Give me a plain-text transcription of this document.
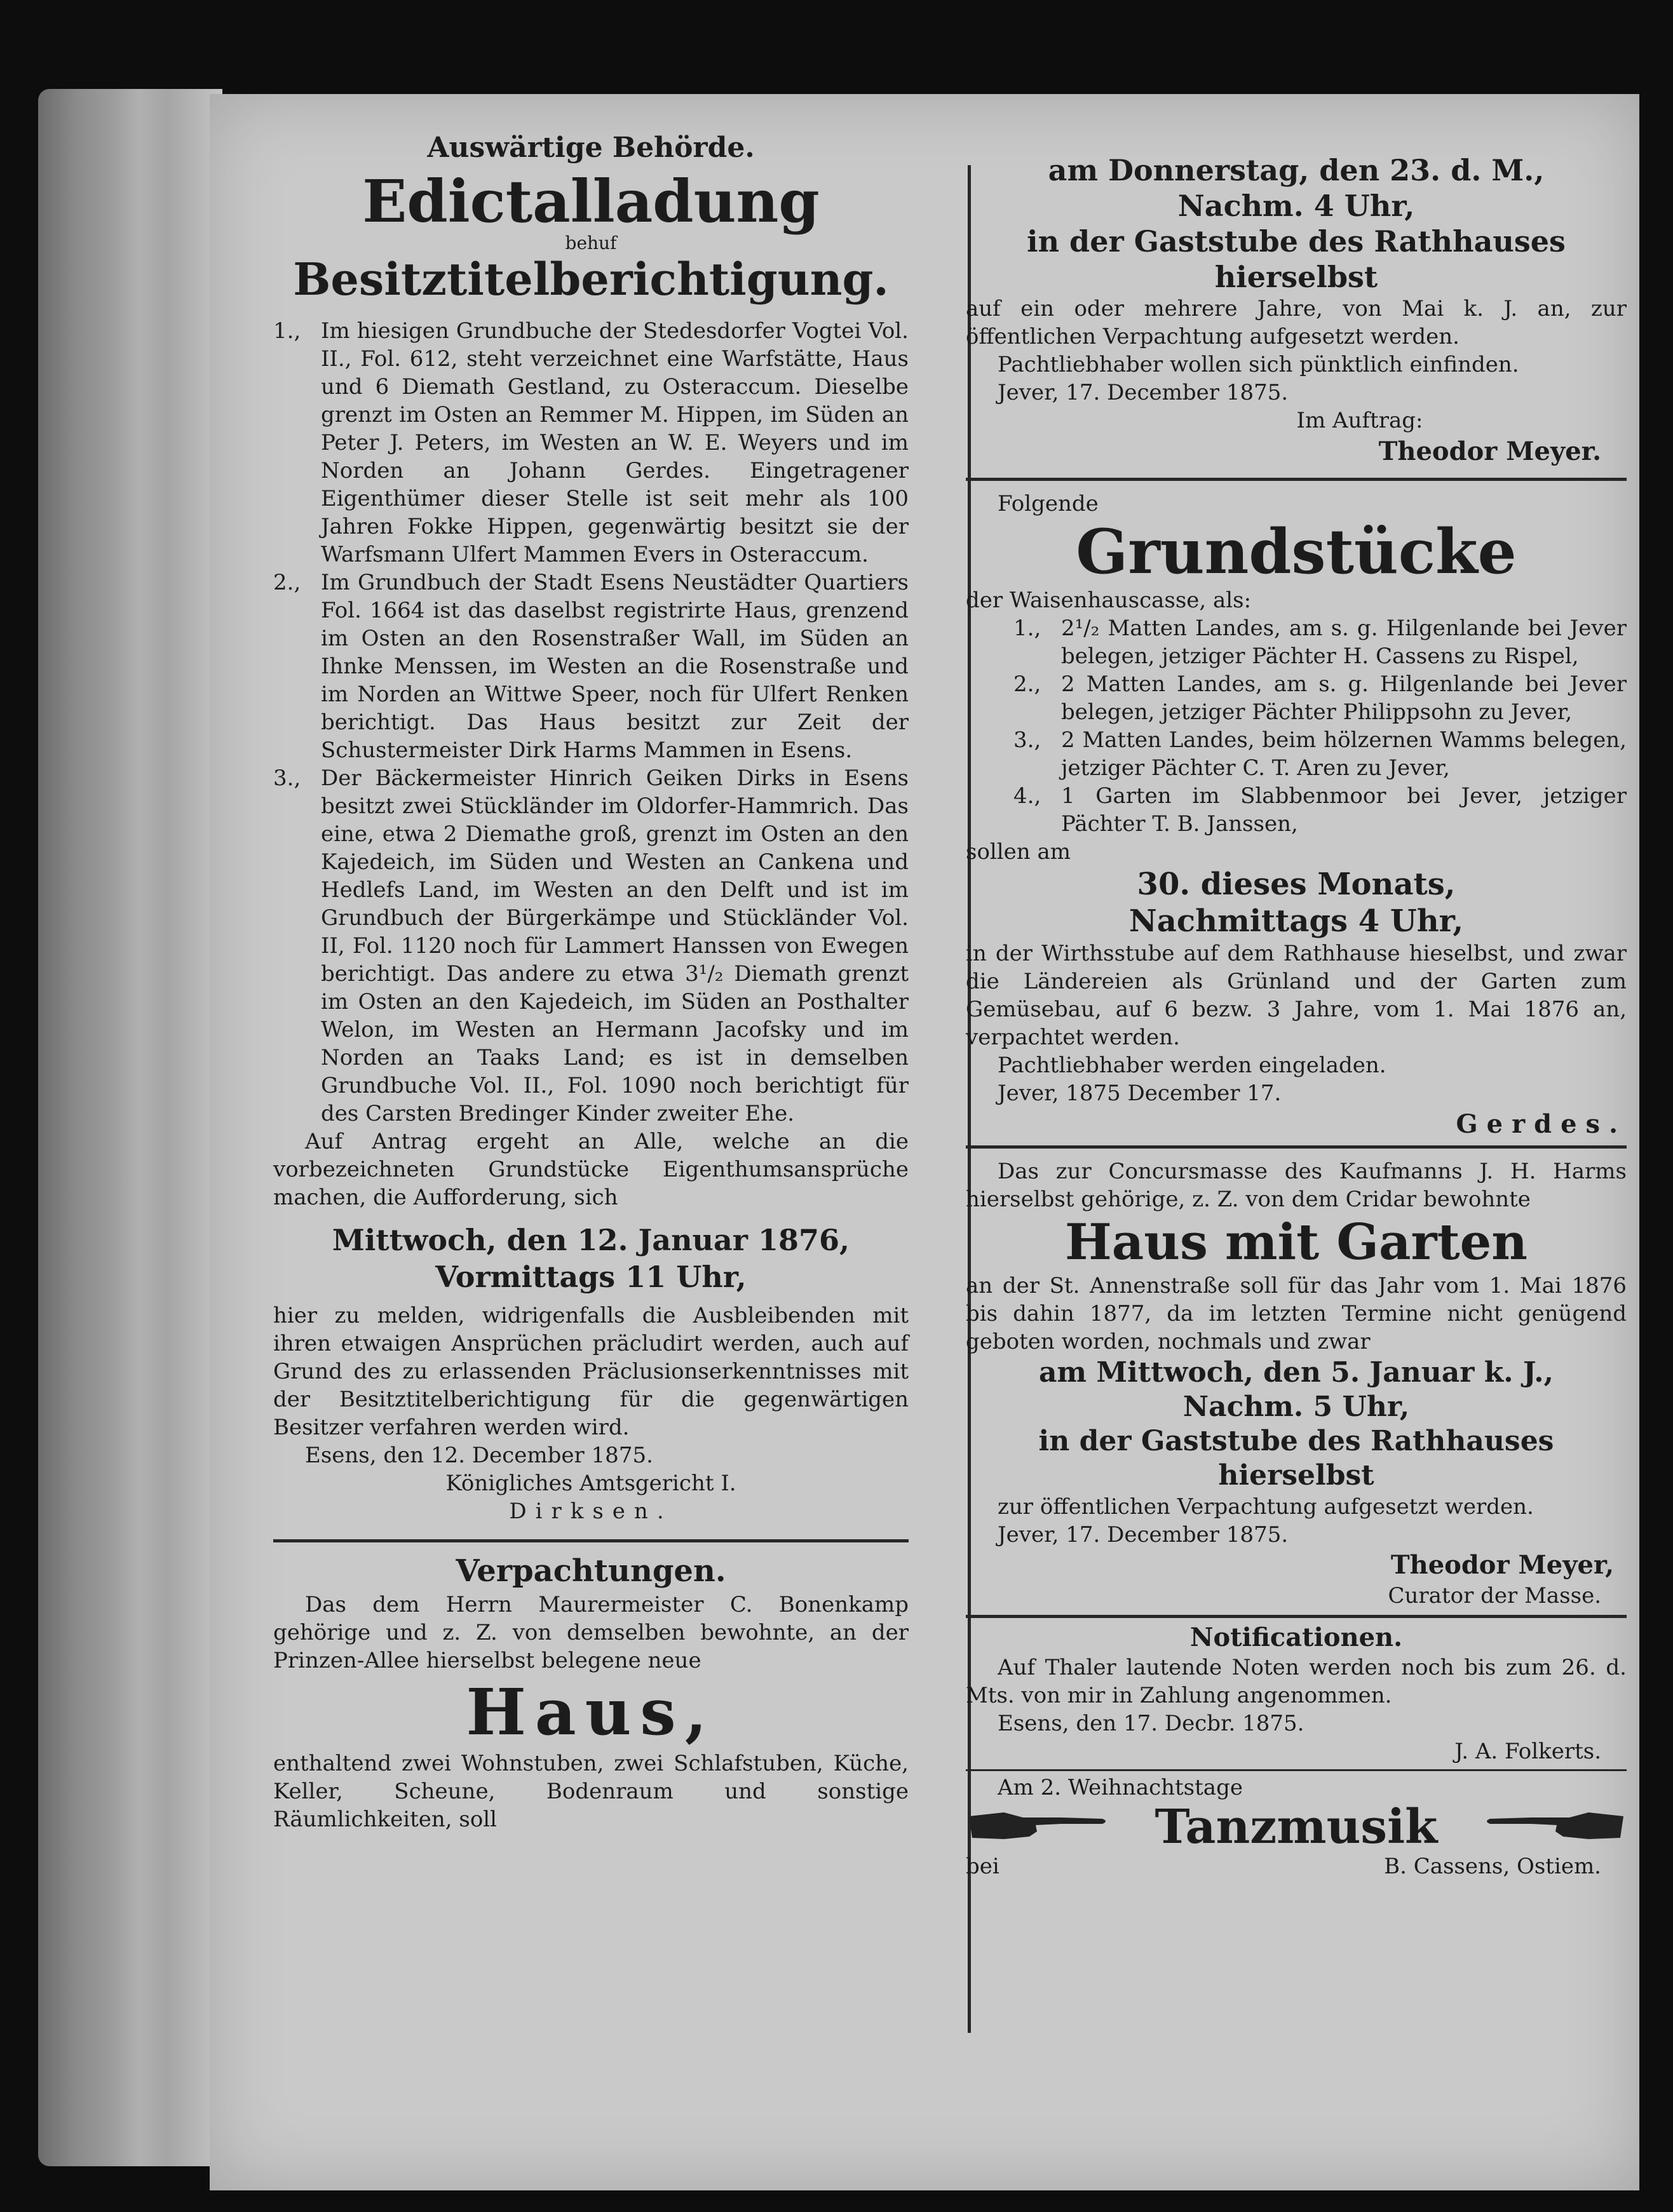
Auswärtige Behörde.

Edictalladung

behuf

Besitztitelberichtigung.

1., Im hiesigen Grundbuche der Stedesdorfer Vogtei Vol. II., Fol. 612, steht verzeichnet eine Warfstätte, Haus und 6 Diemath Gestland, zu Osteraccum. Dieselbe grenzt im Osten an Remmer M. Hippen, im Süden an Peter J. Peters, im Westen an W. E. Weyers und im Norden an Johann Gerdes. Eingetragener Eigenthümer dieser Stelle ist seit mehr als 100 Jahren Fokke Hippen, gegenwärtig besitzt sie der Warfsmann Ulfert Mammen Evers in Osteraccum.
2., Im Grundbuch der Stadt Esens Neustädter Quartiers Fol. 1664 ist das daselbst registrirte Haus, grenzend im Osten an den Rosenstraßer Wall, im Süden an Ihnke Menssen, im Westen an die Rosenstraße und im Norden an Wittwe Speer, noch für Ulfert Renken berichtigt. Das Haus besitzt zur Zeit der Schustermeister Dirk Harms Mammen in Esens.
3., Der Bäckermeister Hinrich Geiken Dirks in Esens besitzt zwei Stückländer im Oldorfer-Hammrich. Das eine, etwa 2 Diemathe groß, grenzt im Osten an den Kajedeich, im Süden und Westen an Cankena und Hedlefs Land, im Westen an den Delft und ist im Grundbuch der Bürgerkämpe und Stückländer Vol. II, Fol. 1120 noch für Lammert Hanssen von Ewegen berichtigt. Das andere zu etwa 3¹/₂ Diemath grenzt im Osten an den Kajedeich, im Süden an Posthalter Welon, im Westen an Hermann Jacofsky und im Norden an Taaks Land; es ist in demselben Grundbuche Vol. II., Fol. 1090 noch berichtigt für des Carsten Bredinger Kinder zweiter Ehe.

Auf Antrag ergeht an Alle, welche an die vorbezeichneten Grundstücke Eigenthumsansprüche machen, die Aufforderung, sich

Mittwoch, den 12. Januar 1876,

Vormittags 11 Uhr,

hier zu melden, widrigenfalls die Ausbleibenden mit ihren etwaigen Ansprüchen präcludirt werden, auch auf Grund des zu erlassenden Präclusionserkenntnisses mit der Besitztitelberichtigung für die gegenwärtigen Besitzer verfahren werden wird.

Esens, den 12. December 1875.

Königliches Amtsgericht I.

Dirksen.

Verpachtungen.

Das dem Herrn Maurermeister C. Bonenkamp gehörige und z. Z. von demselben bewohnte, an der Prinzen-Allee hierselbst belegene neue

Haus,

enthaltend zwei Wohnstuben, zwei Schlafstuben, Küche, Keller, Scheune, Bodenraum und sonstige Räumlichkeiten, soll

am Donnerstag, den 23. d. M.,

Nachm. 4 Uhr,

in der Gaststube des Rathhauses

hierselbst

auf ein oder mehrere Jahre, von Mai k. J. an, zur öffentlichen Verpachtung aufgesetzt werden.

Pachtliebhaber wollen sich pünktlich einfinden.

Jever, 17. December 1875.

Im Auftrag:

Theodor Meyer.

Folgende

Grundstücke

der Waisenhauscasse, als:

1., 2¹/₂ Matten Landes, am s. g. Hilgenlande bei Jever belegen, jetziger Pächter H. Cassens zu Rispel,
2., 2 Matten Landes, am s. g. Hilgenlande bei Jever belegen, jetziger Pächter Philippsohn zu Jever,
3., 2 Matten Landes, beim hölzernen Wamms belegen, jetziger Pächter C. T. Aren zu Jever,
4., 1 Garten im Slabbenmoor bei Jever, jetziger Pächter T. B. Janssen,

sollen am

30. dieses Monats,

Nachmittags 4 Uhr,

in der Wirthsstube auf dem Rathhause hieselbst, und zwar die Ländereien als Grünland und der Garten zum Gemüsebau, auf 6 bezw. 3 Jahre, vom 1. Mai 1876 an, verpachtet werden.

Pachtliebhaber werden eingeladen.

Jever, 1875 December 17.

Gerdes.

Das zur Concursmasse des Kaufmanns J. H. Harms hierselbst gehörige, z. Z. von dem Cridar bewohnte

Haus mit Garten

an der St. Annenstraße soll für das Jahr vom 1. Mai 1876 bis dahin 1877, da im letzten Termine nicht genügend geboten worden, nochmals und zwar

am Mittwoch, den 5. Januar k. J.,

Nachm. 5 Uhr,

in der Gaststube des Rathhauses

hierselbst

zur öffentlichen Verpachtung aufgesetzt werden.

Jever, 17. December 1875.

Theodor Meyer,

Curator der Masse.

Notificationen.

Auf Thaler lautende Noten werden noch bis zum 26. d. Mts. von mir in Zahlung angenommen.

Esens, den 17. Decbr. 1875.

J. A. Folkerts.

Am 2. Weihnachtstage

Tanzmusik
bei	B. Cassens, Ostiem.
